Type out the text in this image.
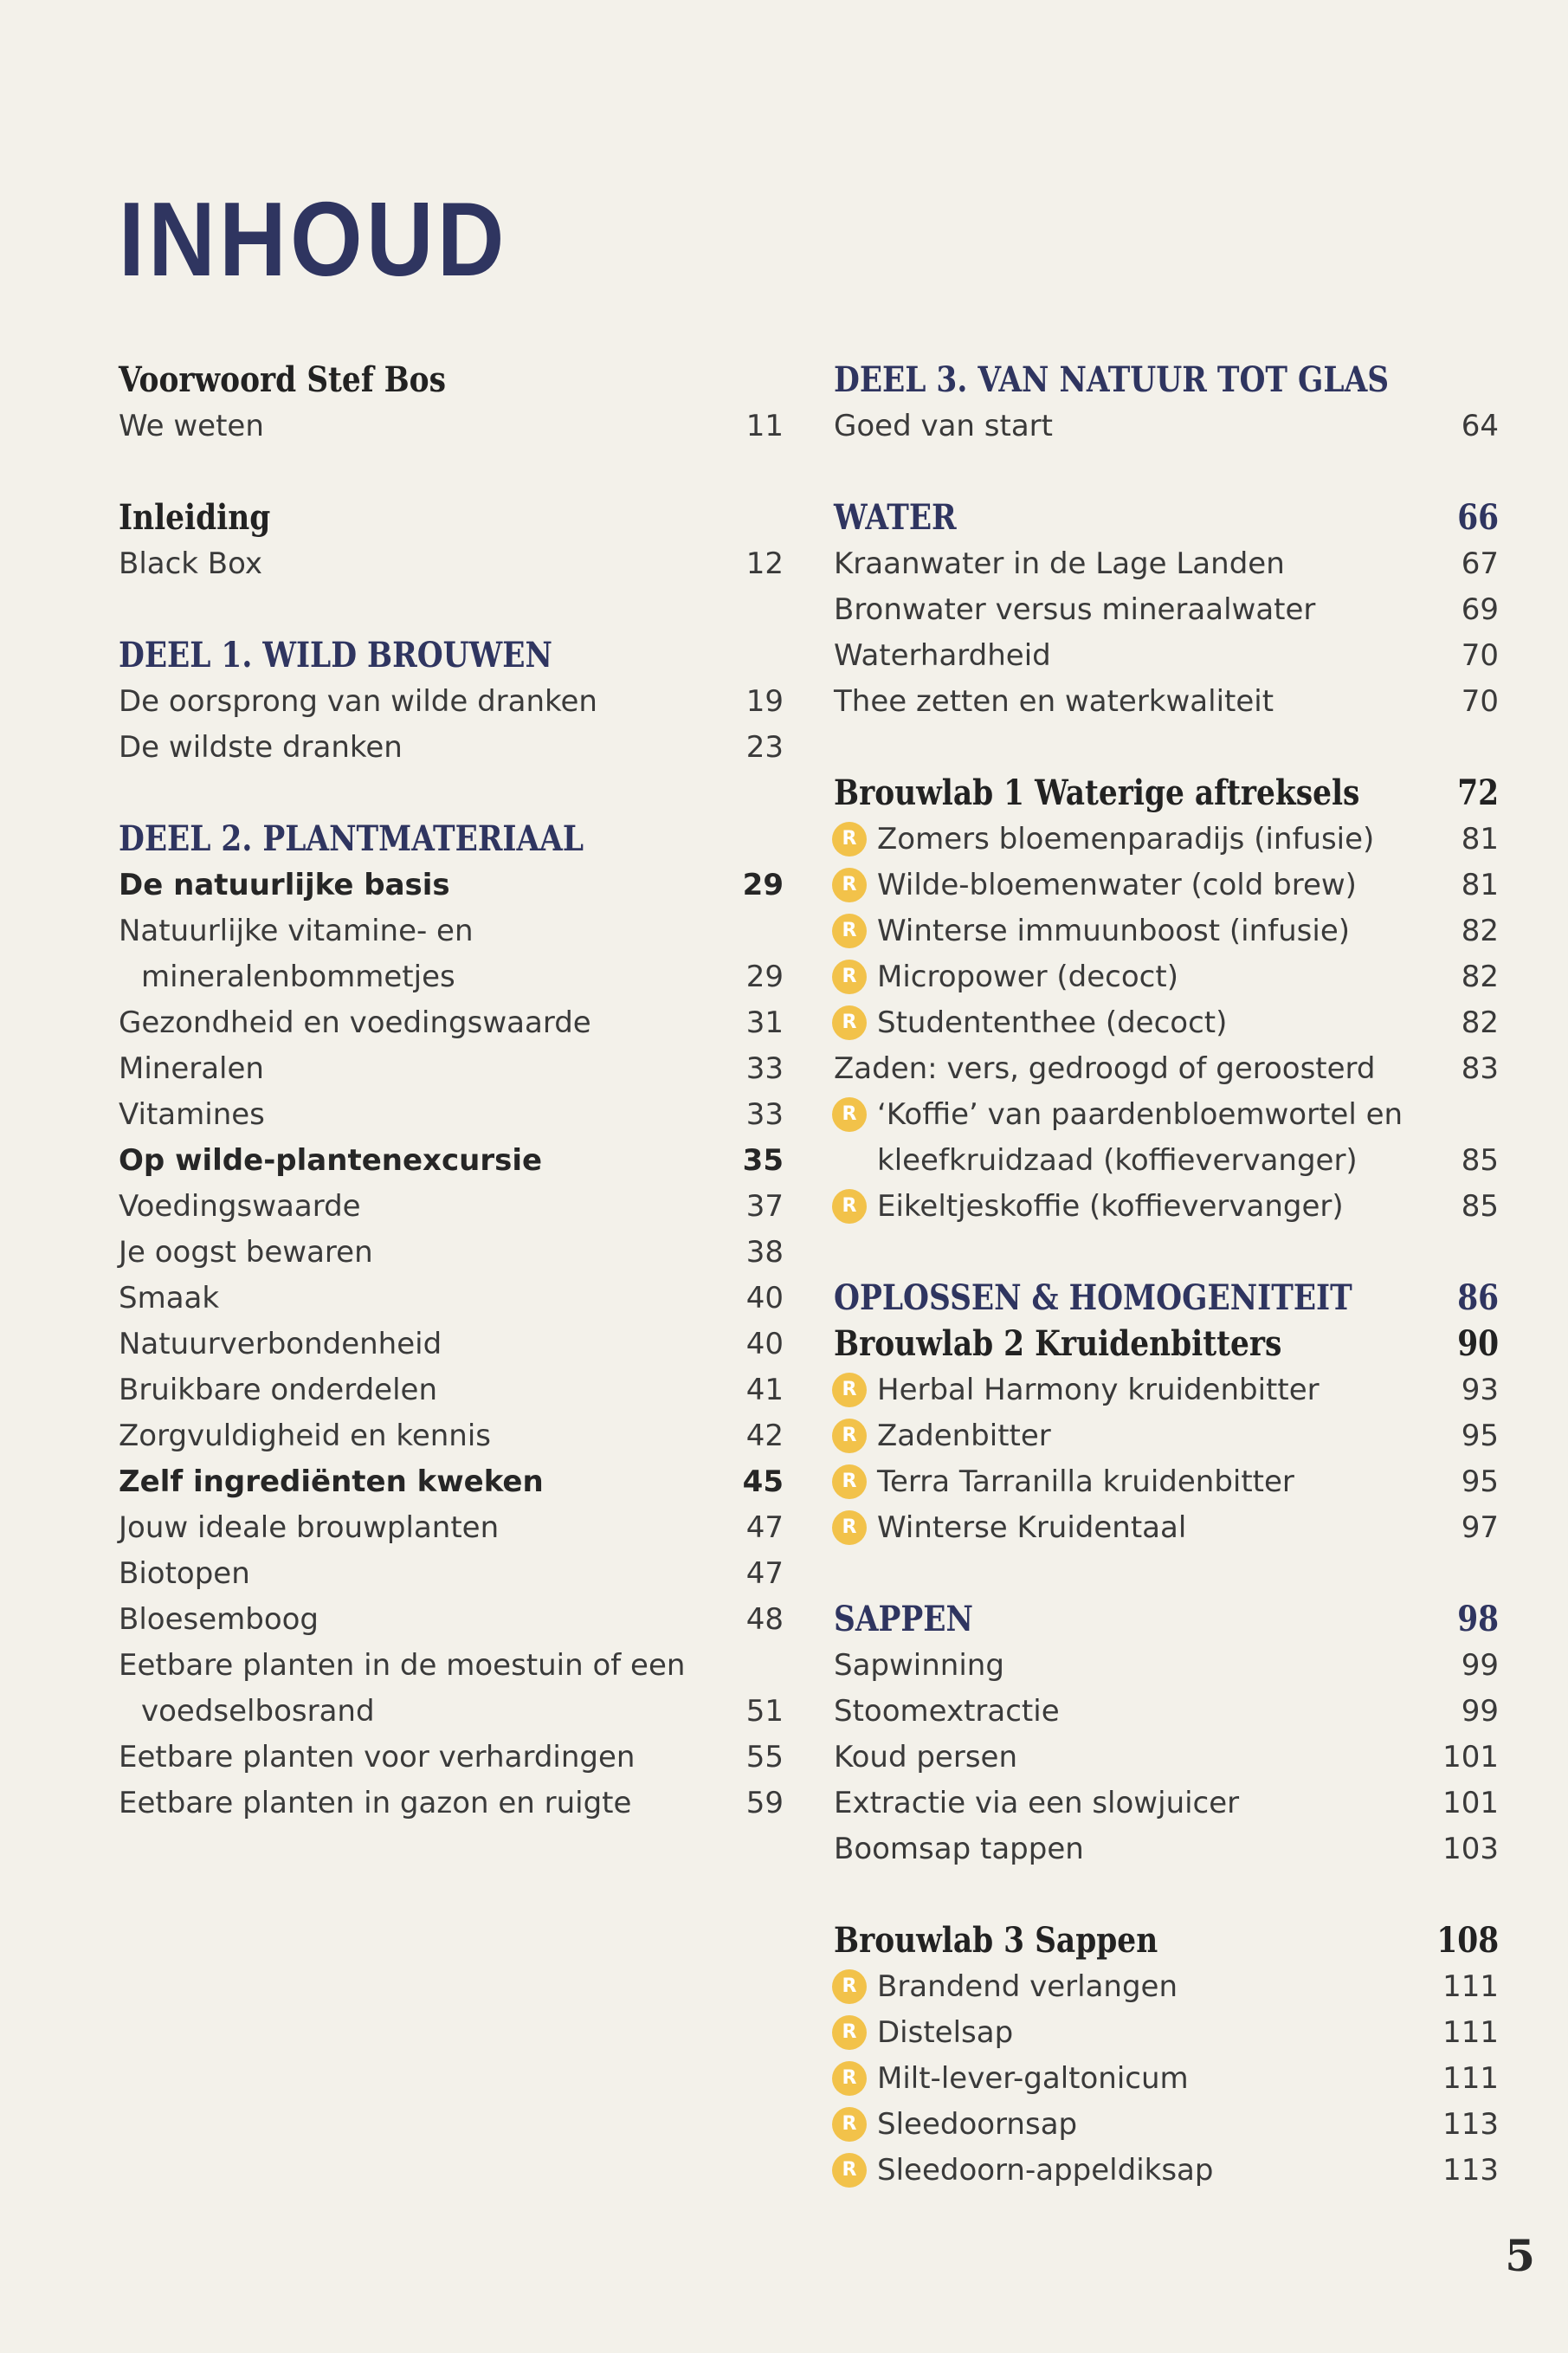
INHOUD
Voorwoord Stef Bos
We weten	11
Inleiding
Black Box	12
DEEL 1. WILD BROUWEN
De oorsprong van wilde dranken	19
De wildste dranken	23
DEEL 2. PLANTMATERIAAL
De natuurlijke basis	29
Natuurlijke vitamine- en
mineralenbommetjes	29
Gezondheid en voedingswaarde	31
Mineralen	33
Vitamines	33
Op wilde-plantenexcursie	35
Voedingswaarde	37
Je oogst bewaren	38
Smaak	40
Natuurverbondenheid	40
Bruikbare onderdelen	41
Zorgvuldigheid en kennis	42
Zelf ingrediënten kweken	45
Jouw ideale brouwplanten	47
Biotopen	47
Bloesemboog	48
Eetbare planten in de moestuin of een
voedselbosrand	51
Eetbare planten voor verhardingen	55
Eetbare planten in gazon en ruigte	59
DEEL 3. VAN NATUUR TOT GLAS
Goed van start	64
WATER	66
Kraanwater in de Lage Landen	67
Bronwater versus mineraalwater	69
Waterhardheid	70
Thee zetten en waterkwaliteit	70
Brouwlab 1 Waterige aftreksels	72
R Zomers bloemenparadijs (infusie)	81
R Wilde-bloemenwater (cold brew)	81
R Winterse immuunboost (infusie)	82
R Micropower (decoct)	82
R Studententhee (decoct)	82
Zaden: vers, gedroogd of geroosterd	83
R ‘Koffie’ van paardenbloemwortel en
kleefkruidzaad (koffievervanger)	85
R Eikeltjeskoffie (koffievervanger)	85
OPLOSSEN & HOMOGENITEIT	86
Brouwlab 2 Kruidenbitters	90
R Herbal Harmony kruidenbitter	93
R Zadenbitter	95
R Terra Tarranilla kruidenbitter	95
R Winterse Kruidentaal	97
SAPPEN	98
Sapwinning	99
Stoomextractie	99
Koud persen	101
Extractie via een slowjuicer	101
Boomsap tappen	103
Brouwlab 3 Sappen	108
R Brandend verlangen	111
R Distelsap	111
R Milt-lever-galtonicum	111
R Sleedoornsap	113
R Sleedoorn-appeldiksap	113
5
